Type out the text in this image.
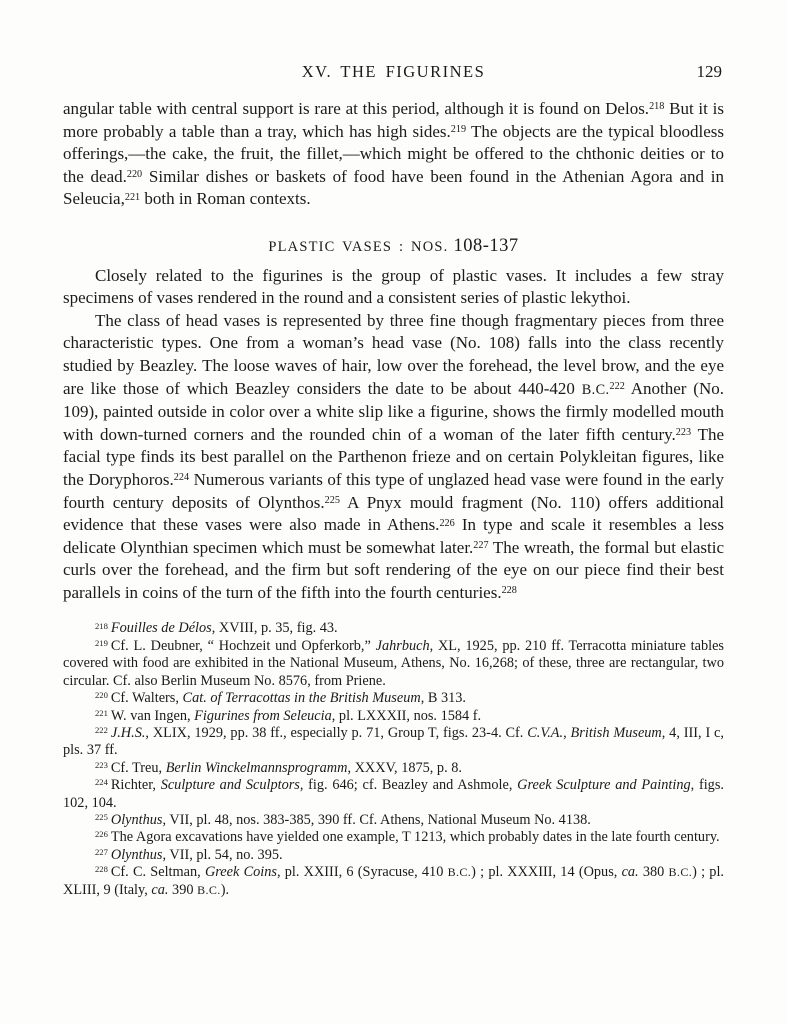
XV. THE FIGURINES	129

angular table with central support is rare at this period, although it is found on Delos.$^{218}$ But it is more probably a table than a tray, which has high sides.$^{219}$ The objects are the typical bloodless offerings,—the cake, the fruit, the fillet,—which might be offered to the chthonic deities or to the dead.$^{220}$ Similar dishes or baskets of food have been found in the Athenian Agora and in Seleucia,$^{221}$ both in Roman contexts.

PLASTIC VASES : NOS. 108-137

Closely related to the figurines is the group of plastic vases. It includes a few stray specimens of vases rendered in the round and a consistent series of plastic lekythoi.

The class of head vases is represented by three fine though fragmentary pieces from three characteristic types. One from a woman’s head vase (No. 108) falls into the class recently studied by Beazley. The loose waves of hair, low over the forehead, the level brow, and the eye are like those of which Beazley considers the date to be about 440-420 B.C.$^{222}$ Another (No. 109), painted outside in color over a white slip like a figurine, shows the firmly modelled mouth with down-turned corners and the rounded chin of a woman of the later fifth century.$^{223}$ The facial type finds its best parallel on the Parthenon frieze and on certain Polykleitan figures, like the Doryphoros.$^{224}$ Numerous variants of this type of unglazed head vase were found in the early fourth century deposits of Olynthos.$^{225}$ A Pnyx mould fragment (No. 110) offers additional evidence that these vases were also made in Athens.$^{226}$ In type and scale it resembles a less delicate Olynthian specimen which must be somewhat later.$^{227}$ The wreath, the formal but elastic curls over the forehead, and the firm but soft rendering of the eye on our piece find their best parallels in coins of the turn of the fifth into the fourth centuries.$^{228}$

$^{218}$ Fouilles de Délos, XVIII, p. 35, fig. 43.

$^{219}$ Cf. L. Deubner, “ Hochzeit und Opferkorb,” Jahrbuch, XL, 1925, pp. 210 ff. Terracotta miniature tables covered with food are exhibited in the National Museum, Athens, No. 16,268; of these, three are rectangular, two circular. Cf. also Berlin Museum No. 8576, from Priene.

$^{220}$ Cf. Walters, Cat. of Terracottas in the British Museum, B 313.

$^{221}$ W. van Ingen, Figurines from Seleucia, pl. LXXXII, nos. 1584 f.

$^{222}$ J.H.S., XLIX, 1929, pp. 38 ff., especially p. 71, Group T, figs. 23-4. Cf. C.V.A., British Museum, 4, III, I c, pls. 37 ff.

$^{223}$ Cf. Treu, Berlin Winckelmannsprogramm, XXXV, 1875, p. 8.

$^{224}$ Richter, Sculpture and Sculptors, fig. 646; cf. Beazley and Ashmole, Greek Sculpture and Painting, figs. 102, 104.

$^{225}$ Olynthus, VII, pl. 48, nos. 383-385, 390 ff. Cf. Athens, National Museum No. 4138.

$^{226}$ The Agora excavations have yielded one example, T 1213, which probably dates in the late fourth century.

$^{227}$ Olynthus, VII, pl. 54, no. 395.

$^{228}$ Cf. C. Seltman, Greek Coins, pl. XXIII, 6 (Syracuse, 410 B.C.) ; pl. XXXIII, 14 (Opus, ca. 380 B.C.) ; pl. XLIII, 9 (Italy, ca. 390 B.C.).
